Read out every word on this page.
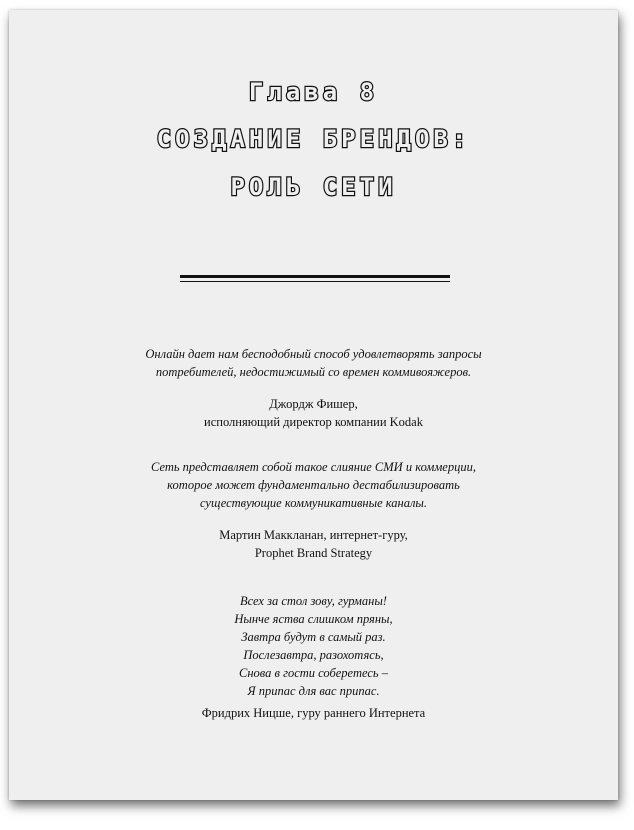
Глава 8
СОЗДАНИЕ БРЕНДОВ:
РОЛЬ СЕТИ
Онлайн дает нам бесподобный способ удовлетворять запросы
потребителей, недостижимый со времен коммивояжеров.
Джордж Фишер,
исполняющий директор компании Kodak
Сеть представляет собой такое слияние СМИ и коммерции,
которое может фундаментально дестабилизировать
существующие коммуникативные каналы.
Мартин Макклaнан, интернет-гуру,
Prophet Brand Strategy
Всех за стол зову, гурманы!
Нынче яства слишком пряны,
Завтра будут в самый раз.
Послезавтра, разохотясь,
Снова в гости соберетесь –
Я припас для вас припас.
Фридрих Ницше, гуру раннего Интернета
